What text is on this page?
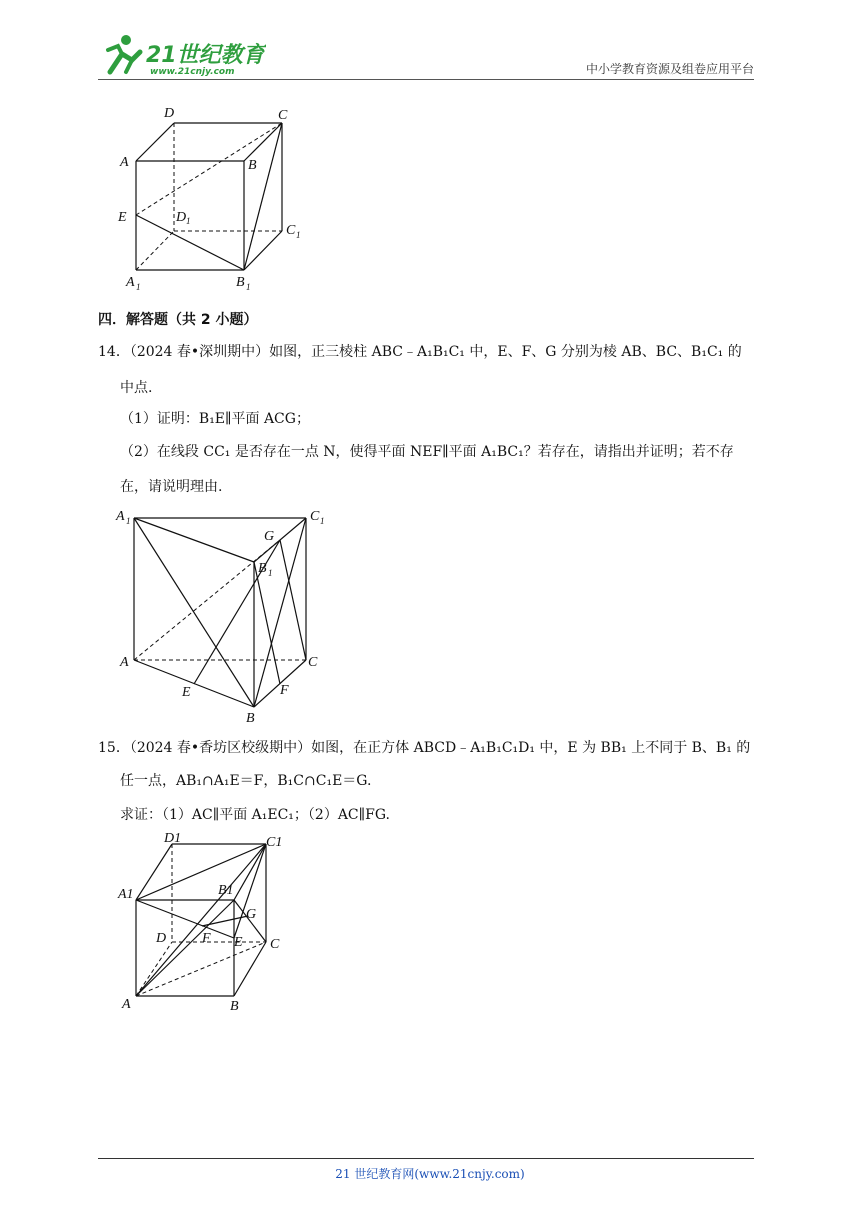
21世纪教育
www.21cnjy.com	中小学教育资源及组卷应用平台
D	C
A	B
E	D 1
C 1
A 1	B 1
四．解答题（共 2 小题）
14．（2024 春•深圳期中）如图，正三棱柱 ABC﹣A₁B₁C₁ 中，E、F、G 分别为棱 AB、BC、B₁C₁ 的
中点.
（1）证明：B₁E∥平面 ACG；
（2）在线段 CC₁ 是否存在一点 N，使得平面 NEF∥平面 A₁BC₁？若存在，请指出并证明；若不存
在，请说明理由.
A 1	C 1
G
B 1
A	C
E	F
B
15．（2024 春•香坊区校级期中）如图，在正方体 ABCD﹣A₁B₁C₁D₁ 中，E 为 BB₁ 上不同于 B、B₁ 的
任一点，AB₁∩A₁E＝F，B₁C∩C₁E＝G.
求证：（1）AC∥平面 A₁EC₁；（2）AC∥FG.
D1	C1
A1	B1
G
D	F E C
A	B
21 世纪教育网(www.21cnjy.com)
